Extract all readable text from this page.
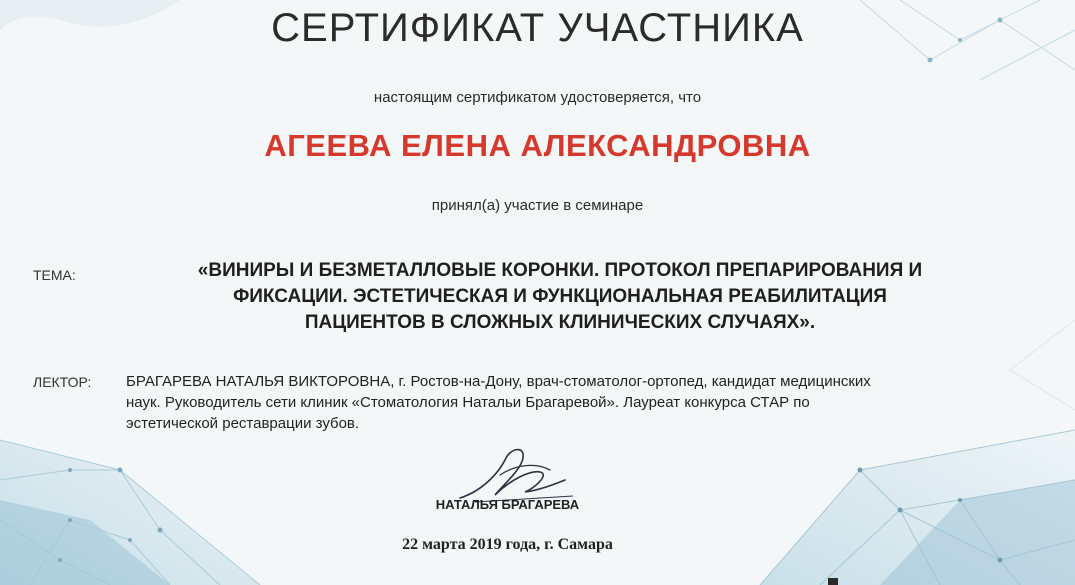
СЕРТИФИКАТ УЧАСТНИКА
настоящим сертификатом удостоверяется, что
АГЕЕВА ЕЛЕНА АЛЕКСАНДРОВНА
принял(а) участие в семинаре
ТЕМА:	«ВИНИРЫ И БЕЗМЕТАЛЛОВЫЕ КОРОНКИ. ПРОТОКОЛ ПРЕПАРИРОВАНИЯ И
ФИКСАЦИИ. ЭСТЕТИЧЕСКАЯ И ФУНКЦИОНАЛЬНАЯ РЕАБИЛИТАЦИЯ
ПАЦИЕНТОВ В СЛОЖНЫХ КЛИНИЧЕСКИХ СЛУЧАЯХ».
ЛЕКТОР: БРАГАРЕВА НАТАЛЬЯ ВИКТОРОВНА, г. Ростов-на-Дону, врач-стоматолог-ортопед, кандидат медицинских
наук. Руководитель сети клиник «Стоматология Натальи Брагаревой». Лауреат конкурса СТАР по
эстетической реставрации зубов.
НАТАЛЬЯ БРАГАРЕВА
22 марта 2019 года, г. Самара
